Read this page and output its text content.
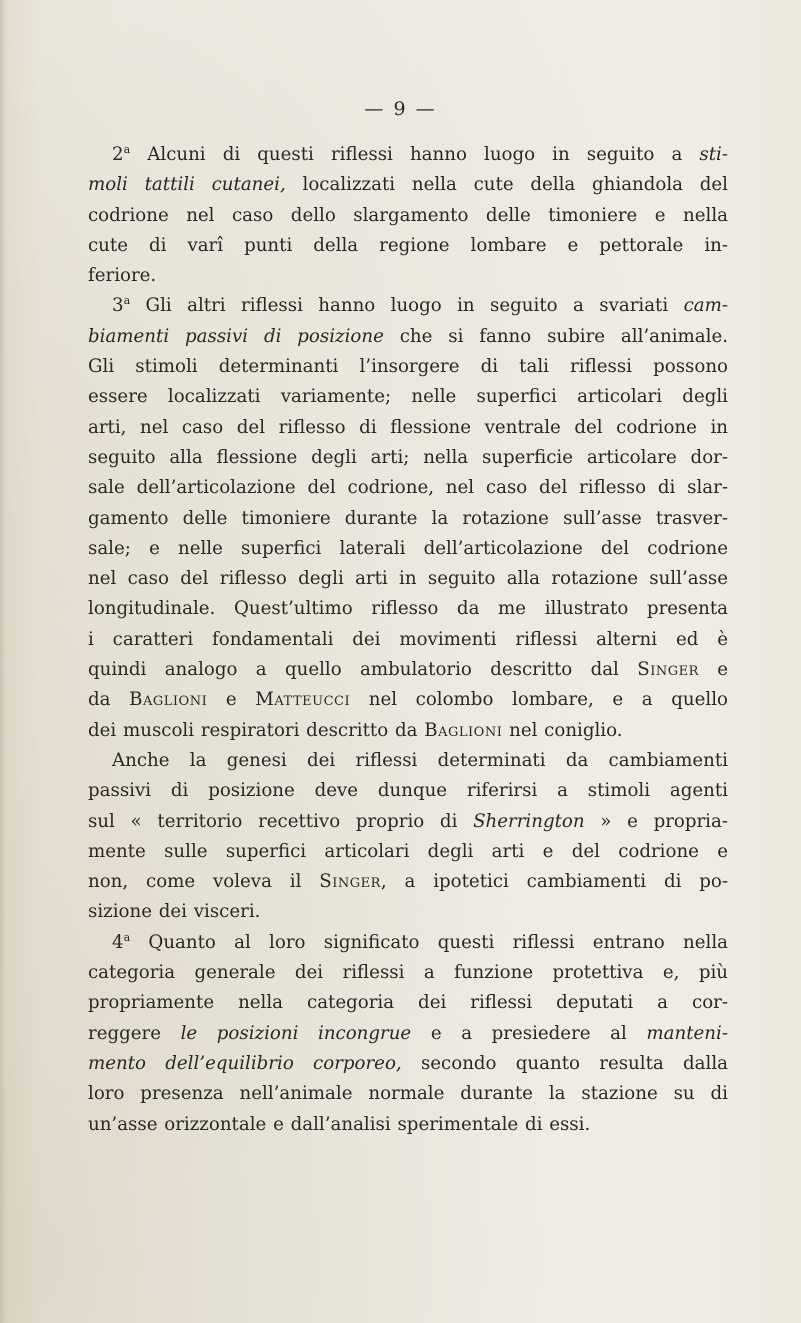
— 9 —
2$^a$ Alcuni di questi riflessi hanno luogo in seguito a sti-
moli tattili cutanei, localizzati nella cute della ghiandola del
codrione nel caso dello slargamento delle timoniere e nella
cute di varî punti della regione lombare e pettorale in-
feriore.
3$^a$ Gli altri riflessi hanno luogo in seguito a svariati cam-
biamenti passivi di posizione che si fanno subire all’animale.
Gli stimoli determinanti l’insorgere di tali riflessi possono
essere localizzati variamente; nelle superfici articolari degli
arti, nel caso del riflesso di flessione ventrale del codrione in
seguito alla flessione degli arti; nella superficie articolare dor-
sale dell’articolazione del codrione, nel caso del riflesso di slar-
gamento delle timoniere durante la rotazione sull’asse trasver-
sale; e nelle superfici laterali dell’articolazione del codrione
nel caso del riflesso degli arti in seguito alla rotazione sull’asse
longitudinale. Quest’ultimo riflesso da me illustrato presenta
i caratteri fondamentali dei movimenti riflessi alterni ed è
quindi analogo a quello ambulatorio descritto dal Singer e
da Baglioni e Matteucci nel colombo lombare, e a quello
dei muscoli respiratori descritto da Baglioni nel coniglio.
Anche la genesi dei riflessi determinati da cambiamenti
passivi di posizione deve dunque riferirsi a stimoli agenti
sul « territorio recettivo proprio di Sherrington » e propria-
mente sulle superfici articolari degli arti e del codrione e
non, come voleva il Singer, a ipotetici cambiamenti di po-
sizione dei visceri.
4$^a$ Quanto al loro significato questi riflessi entrano nella
categoria generale dei riflessi a funzione protettiva e, più
propriamente nella categoria dei riflessi deputati a cor-
reggere le posizioni incongrue e a presiedere al manteni-
mento dell’equilibrio corporeo, secondo quanto resulta dalla
loro presenza nell’animale normale durante la stazione su di
un’asse orizzontale e dall’analisi sperimentale di essi.
